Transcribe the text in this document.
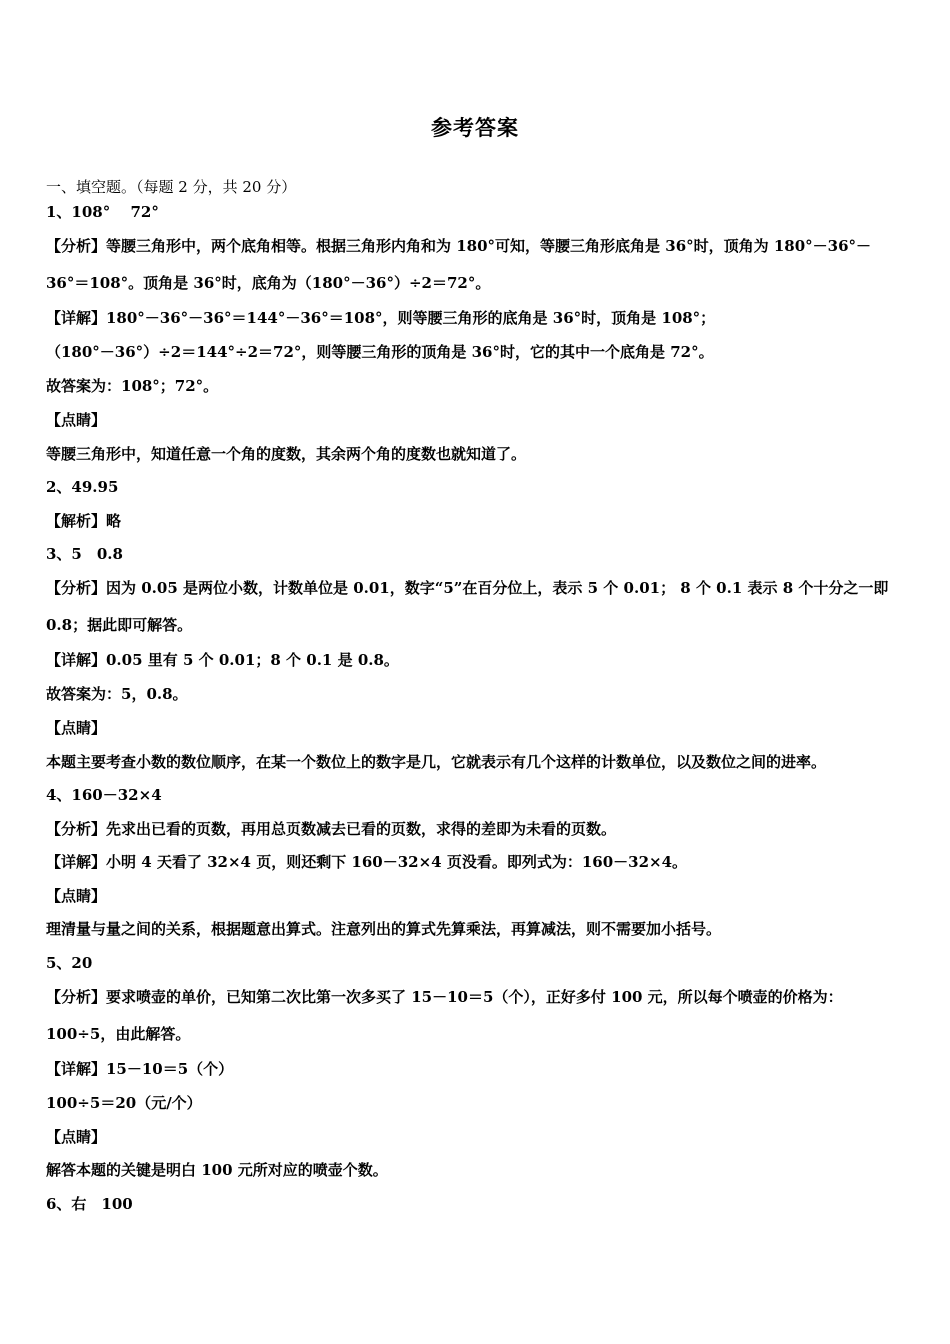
参考答案
一、填空题。（每题 2 分，共 20 分）
1、108°　 72°
【分析】等腰三角形中，两个底角相等。根据三角形内角和为 180°可知，等腰三角形底角是 36°时，顶角为 180°－36°－
36°＝108°。顶角是 36°时，底角为（180°－36°）÷2＝72°。
【详解】180°－36°－36°＝144°－36°＝108°，则等腰三角形的底角是 36°时，顶角是 108°；
（180°－36°）÷2＝144°÷2＝72°，则等腰三角形的顶角是 36°时，它的其中一个底角是 72°。
故答案为：108°；72°。
【点睛】
等腰三角形中，知道任意一个角的度数，其余两个角的度数也就知道了。
2、49.95
【解析】略
3、5　0.8
【分析】因为 0.05 是两位小数，计数单位是 0.01，数字“5”在百分位上，表示 5 个 0.01； 8 个 0.1 表示 8 个十分之一即
0.8；据此即可解答。
【详解】0.05 里有 5 个 0.01；8 个 0.1 是 0.8。
故答案为：5，0.8。
【点睛】
本题主要考查小数的数位顺序，在某一个数位上的数字是几，它就表示有几个这样的计数单位，以及数位之间的进率。
4、160－32×4
【分析】先求出已看的页数，再用总页数减去已看的页数，求得的差即为未看的页数。
【详解】小明 4 天看了 32×4 页，则还剩下 160－32×4 页没看。即列式为：160－32×4。
【点睛】
理清量与量之间的关系，根据题意出算式。注意列出的算式先算乘法，再算减法，则不需要加小括号。
5、20
【分析】要求喷壶的单价，已知第二次比第一次多买了 15－10＝5（个），正好多付 100 元，所以每个喷壶的价格为：
100÷5，由此解答。
【详解】15－10＝5（个）
100÷5＝20（元/个）
【点睛】
解答本题的关键是明白 100 元所对应的喷壶个数。
6、右　100
